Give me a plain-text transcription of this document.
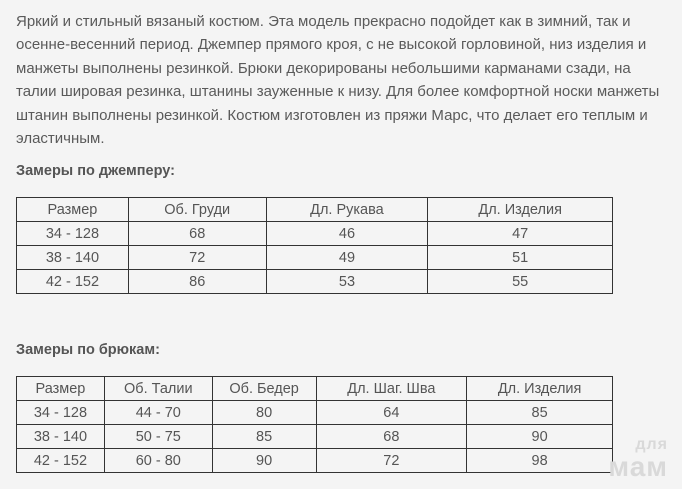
Яркий и стильный вязаный костюм. Эта модель прекрасно подойдет как в зимний, так и осенне-весенний период. Джемпер прямого кроя, с не высокой горловиной, низ изделия и манжеты выполнены резинкой. Брюки декорированы небольшими карманами сзади, на талии шировая резинка, штанины зауженные к низу. Для более комфортной носки манжеты штанин выполнены резинкой. Костюм изготовлен из пряжи Марс, что делает его теплым и эластичным.

Замеры по джемперу:

Размер	Об. Груди	Дл. Рукава	Дл. Изделия
34 - 128	68	46	47
38 - 140	72	49	51
42 - 152	86	53	55

Замеры по брюкам:

Размер	Об. Талии	Об. Бедер	Дл. Шаг. Шва	Дл. Изделия
34 - 128	44 - 70	80	64	85
38 - 140	50 - 75	85	68	90
42 - 152	60 - 80	90	72	98
для
мам
